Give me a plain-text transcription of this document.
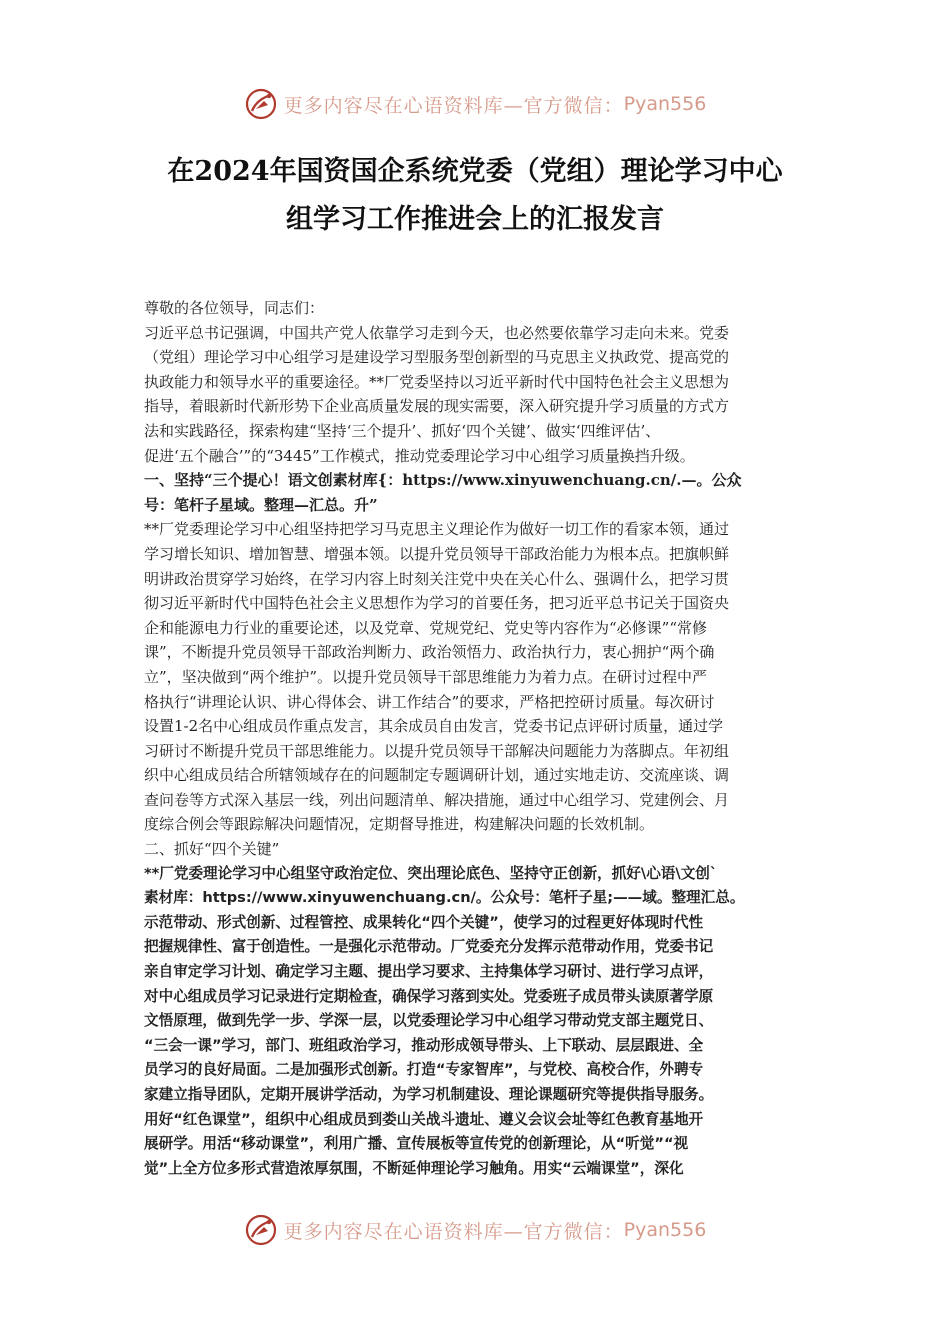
更多内容尽在心语资料库—官方微信： Pyan556
在2024年国资国企系统党委（党组）理论学习中心
组学习工作推进会上的汇报发言
尊敬的各位领导，同志们：
习近平总书记强调，中国共产党人依靠学习走到今天，也必然要依靠学习走向未来。党委
（党组）理论学习中心组学习是建设学习型服务型创新型的马克思主义执政党、提高党的
执政能力和领导水平的重要途径。**厂党委坚持以习近平新时代中国特色社会主义思想为
指导，着眼新时代新形势下企业高质量发展的现实需要，深入研究提升学习质量的方式方
法和实践路径，探索构建“坚持‘三个提升’、抓好‘四个关键’、做实‘四维评估’、
促进‘五个融合’”的“3445”工作模式，推动党委理论学习中心组学习质量换挡升级。
一、坚持“三个提心！语文创素材库{：https://www.xinyuwenchuang.cn/.—。公众
号：笔杆子星域。整理—汇总。升”
**厂党委理论学习中心组坚持把学习马克思主义理论作为做好一切工作的看家本领，通过
学习增长知识、增加智慧、增强本领。以提升党员领导干部政治能力为根本点。把旗帜鲜
明讲政治贯穿学习始终，在学习内容上时刻关注党中央在关心什么、强调什么，把学习贯
彻习近平新时代中国特色社会主义思想作为学习的首要任务，把习近平总书记关于国资央
企和能源电力行业的重要论述，以及党章、党规党纪、党史等内容作为“必修课”“常修
课”，不断提升党员领导干部政治判断力、政治领悟力、政治执行力，衷心拥护“两个确
立”，坚决做到“两个维护”。以提升党员领导干部思维能力为着力点。在研讨过程中严
格执行“讲理论认识、讲心得体会、讲工作结合”的要求，严格把控研讨质量。每次研讨
设置1-2名中心组成员作重点发言，其余成员自由发言，党委书记点评研讨质量，通过学
习研讨不断提升党员干部思维能力。以提升党员领导干部解决问题能力为落脚点。年初组
织中心组成员结合所辖领域存在的问题制定专题调研计划，通过实地走访、交流座谈、调
查问卷等方式深入基层一线，列出问题清单、解决措施，通过中心组学习、党建例会、月
度综合例会等跟踪解决问题情况，定期督导推进，构建解决问题的长效机制。
二、抓好“四个关键”
**厂党委理论学习中心组坚守政治定位、突出理论底色、坚持守正创新，抓好\心语\文创`
素材库：https://www.xinyuwenchuang.cn/。公众号：笔杆子星;——域。整理汇总。
示范带动、形式创新、过程管控、成果转化“四个关键”，使学习的过程更好体现时代性
把握规律性、富于创造性。一是强化示范带动。厂党委充分发挥示范带动作用，党委书记
亲自审定学习计划、确定学习主题、提出学习要求、主持集体学习研讨、进行学习点评，
对中心组成员学习记录进行定期检查，确保学习落到实处。党委班子成员带头读原著学原
文悟原理，做到先学一步、学深一层，以党委理论学习中心组学习带动党支部主题党日、
“三会一课”学习，部门、班组政治学习，推动形成领导带头、上下联动、层层跟进、全
员学习的良好局面。二是加强形式创新。打造“专家智库”，与党校、高校合作，外聘专
家建立指导团队，定期开展讲学活动，为学习机制建设、理论课题研究等提供指导服务。
用好“红色课堂”，组织中心组成员到娄山关战斗遗址、遵义会议会址等红色教育基地开
展研学。用活“移动课堂”，利用广播、宣传展板等宣传党的创新理论，从“听觉”“视
觉”上全方位多形式营造浓厚氛围，不断延伸理论学习触角。用实“云端课堂”，深化
更多内容尽在心语资料库—官方微信： Pyan556
